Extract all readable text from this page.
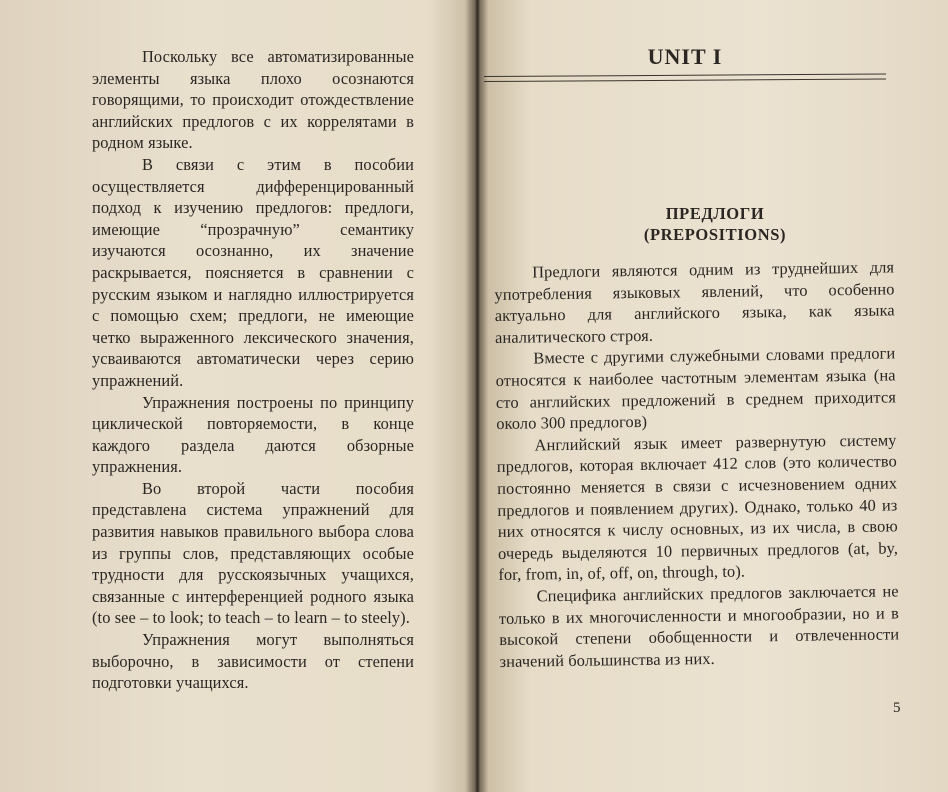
Поскольку все автоматизированные элементы языка плохо осознаются говорящими, то происходит отождествление английских предлогов с их коррелятами в родном языке.

В связи с этим в пособии осуществляется дифференцированный подход к изучению предлогов: предлоги, имеющие “прозрачную” семантику изучаются осознанно, их значение раскрывается, поясняется в сравнении с русским языком и наглядно иллюстрируется с помощью схем; предлоги, не имеющие четко выраженного лексического значения, усваиваются автоматически через серию упражнений.

Упражнения построены по принципу циклической повторяемости, в конце каждого раздела даются обзорные упражнения.

Во второй части пособия представлена система упражнений для развития навыков правильного выбора слова из группы слов, представляющих особые трудности для русскоязычных учащихся, связанные с интерференцией родного языка (to see – to look; to teach – to learn – to steely).

Упражнения могут выполняться выборочно, в зависимости от степени подготовки учащихся.

UNIT I
ПРЕДЛОГИ
(PREPOSITIONS)

Предлоги являются одним из труднейших для употребления языковых явлений, что особенно актуально для английского языка, как языка аналитического строя.

Вместе с другими служебными словами предлоги относятся к наиболее частотным элементам языка (на сто английских предложений в среднем приходится около 300 предлогов)

Английский язык имеет развернутую систему предлогов, которая включает 412 слов (это количество постоянно меняется в связи с исчезновением одних предлогов и появлением других). Однако, только 40 из них относятся к числу основных, из их числа, в свою очередь выделяются 10 первичных предлогов (at, by, for, from, in, of, off, on, through, to).

Специфика английских предлогов заключается не только в их многочисленности и многообразии, но и в высокой степени обобщенности и отвлеченности значений большинства из них.

5
